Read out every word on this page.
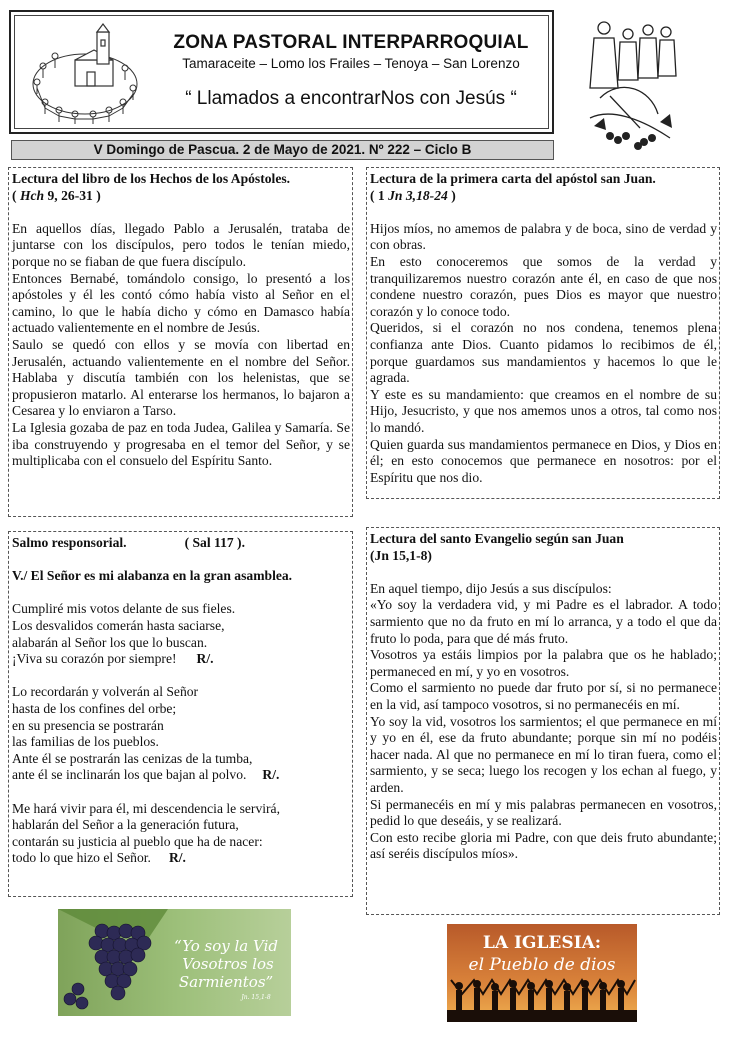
ZONA PASTORAL INTERPARROQUIAL
Tamaraceite – Lomo los Frailes – Tenoya – San Lorenzo
“ Llamados a encontrarNos con Jesús “
V Domingo de Pascua. 2 de Mayo de 2021. Nº 222 – Ciclo B

Lectura del libro de los Hechos de los Apóstoles.

( Hch 9, 26-31 )

En aquellos días, llegado Pablo a Jerusalén, trataba de juntarse con los discípulos, pero todos le tenían miedo, porque no se fiaban de que fuera discípulo.

Entonces Bernabé, tomándolo consigo, lo presentó a los apóstoles y él les contó cómo había visto al Señor en el camino, lo que le había dicho y cómo en Damasco había actuado valientemente en el nombre de Jesús.

Saulo se quedó con ellos y se movía con libertad en Jerusalén, actuando valientemente en el nombre del Señor. Hablaba y discutía también con los helenistas, que se propusieron matarlo. Al enterarse los hermanos, lo bajaron a Cesarea y lo enviaron a Tarso.

La Iglesia gozaba de paz en toda Judea, Galilea y Samaría. Se iba construyendo y progresaba en el temor del Señor, y se multiplicaba con el consuelo del Espíritu Santo.

Lectura de la primera carta del apóstol san Juan.

( 1 Jn 3,18-24 )

Hijos míos, no amemos de palabra y de boca, sino de verdad y con obras.

En esto conoceremos que somos de la verdad y tranquilizaremos nuestro corazón ante él, en caso de que nos condene nuestro corazón, pues Dios es mayor que nuestro corazón y lo conoce todo.

Queridos, si el corazón no nos condena, tenemos plena confianza ante Dios. Cuanto pidamos lo recibimos de él, porque guardamos sus mandamientos y hacemos lo que le agrada.

Y este es su mandamiento: que creamos en el nombre de su Hijo, Jesucristo, y que nos amemos unos a otros, tal como nos lo mandó.

Quien guarda sus mandamientos permanece en Dios, y Dios en él; en esto conocemos que permanece en nosotros: por el Espíritu que nos dio.

Salmo responsorial.	( Sal 117 ).

V./ El Señor es mi alabanza en la gran asamblea.

Cumpliré mis votos delante de sus fieles.

Los desvalidos comerán hasta saciarse,

alabarán al Señor los que lo buscan.

¡Viva su corazón por siempre! R/.

Lo recordarán y volverán al Señor

hasta de los confines del orbe;

en su presencia se postrarán

las familias de los pueblos.

Ante él se postrarán las cenizas de la tumba,

ante él se inclinarán los que bajan al polvo. R/.

Me hará vivir para él, mi descendencia le servirá,

hablarán del Señor a la generación futura,

contarán su justicia al pueblo que ha de nacer:

todo lo que hizo el Señor. R/.

Lectura del santo Evangelio según san Juan

(Jn 15,1-8)

En aquel tiempo, dijo Jesús a sus discípulos:

«Yo soy la verdadera vid, y mi Padre es el labrador. A todo sarmiento que no da fruto en mí lo arranca, y a todo el que da fruto lo poda, para que dé más fruto.

Vosotros ya estáis limpios por la palabra que os he hablado; permaneced en mí, y yo en vosotros.

Como el sarmiento no puede dar fruto por sí, si no permanece en la vid, así tampoco vosotros, si no permanecéis en mí.

Yo soy la vid, vosotros los sarmientos; el que permanece en mí y yo en él, ese da fruto abundante; porque sin mí no podéis hacer nada. Al que no permanece en mí lo tiran fuera, como el sarmiento, y se seca; luego los recogen y los echan al fuego, y arden.

Si permanecéis en mí y mis palabras permanecen en vosotros, pedid lo que deseáis, y se realizará.

Con esto recibe gloria mi Padre, con que deis fruto abundante; así seréis discípulos míos».

“Yo soy la Vid
Vosotros los
Sarmientos”
Jn. 15,1-8
LA IGLESIA:
el Pueblo de dios
